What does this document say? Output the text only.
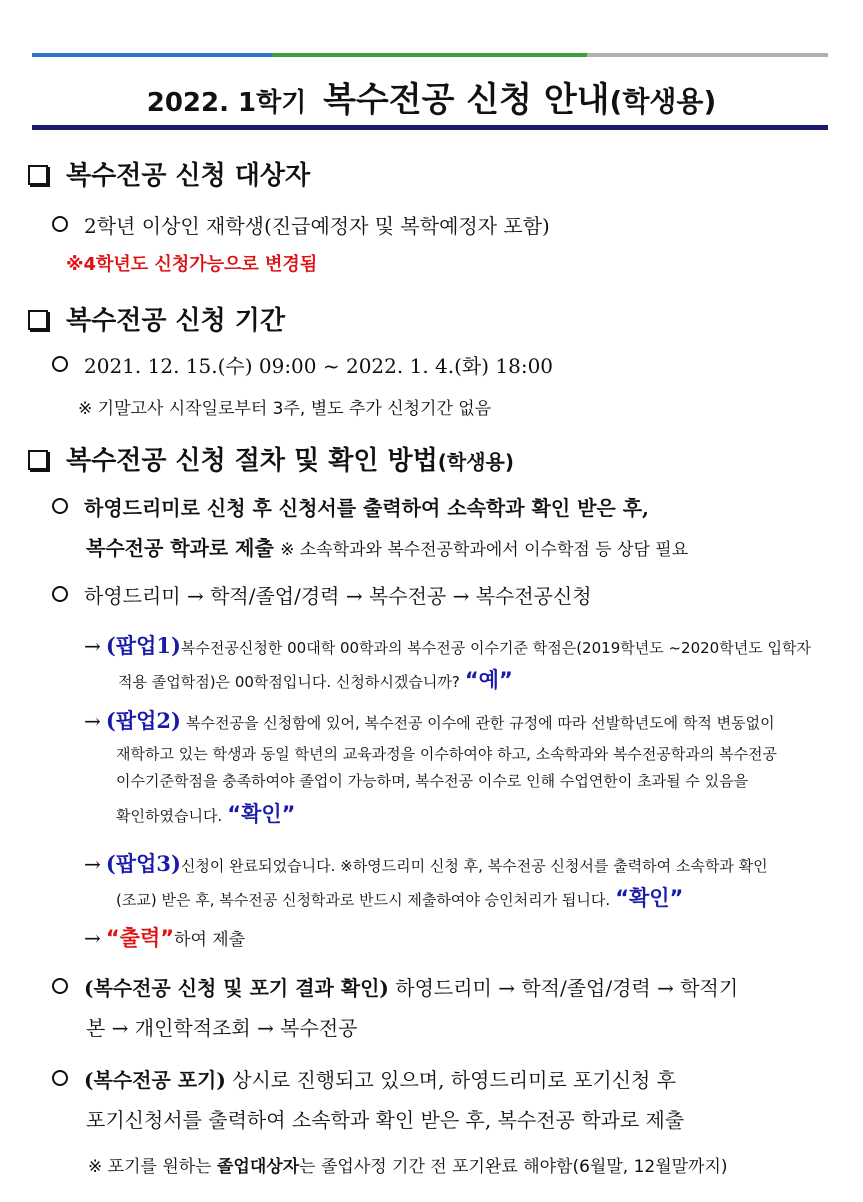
2022. 1학기 복수전공 신청 안내(학생용)
복수전공 신청 대상자
2학년 이상인 재학생(진급예정자 및 복학예정자 포함)
※4학년도 신청가능으로 변경됨
복수전공 신청 기간
2021. 12. 15.(수) 09:00 ~ 2022. 1. 4.(화) 18:00
※ 기말고사 시작일로부터 3주, 별도 추가 신청기간 없음
복수전공 신청 절차 및 확인 방법(학생용)
하영드리미로 신청 후 신청서를 출력하여 소속학과 확인 받은 후,
복수전공 학과로 제출 ※ 소속학과와 복수전공학과에서 이수학점 등 상담 필요
하영드리미 → 학적/졸업/경력 → 복수전공 → 복수전공신청
→ (팝업1)복수전공신청한 00대학 00학과의 복수전공 이수기준 학점은(2019학년도 ~2020학년도 입학자
적용 졸업학점)은 00학점입니다. 신청하시겠습니까? “예”
→ (팝업2) 복수전공을 신청함에 있어, 복수전공 이수에 관한 규정에 따라 선발학년도에 학적 변동없이
재학하고 있는 학생과 동일 학년의 교육과정을 이수하여야 하고, 소속학과와 복수전공학과의 복수전공
이수기준학점을 충족하여야 졸업이 가능하며, 복수전공 이수로 인해 수업연한이 초과될 수 있음을
확인하였습니다. “확인”
→ (팝업3)신청이 완료되었습니다. ※하영드리미 신청 후, 복수전공 신청서를 출력하여 소속학과 확인
(조교) 받은 후, 복수전공 신청학과로 반드시 제출하여야 승인처리가 됩니다. “확인”
→ “출력”하여 제출
(복수전공 신청 및 포기 결과 확인) 하영드리미 → 학적/졸업/경력 → 학적기
본 → 개인학적조회 → 복수전공
(복수전공 포기) 상시로 진행되고 있으며, 하영드리미로 포기신청 후
포기신청서를 출력하여 소속학과 확인 받은 후, 복수전공 학과로 제출
※ 포기를 원하는 졸업대상자는 졸업사정 기간 전 포기완료 해야함(6월말, 12월말까지)
